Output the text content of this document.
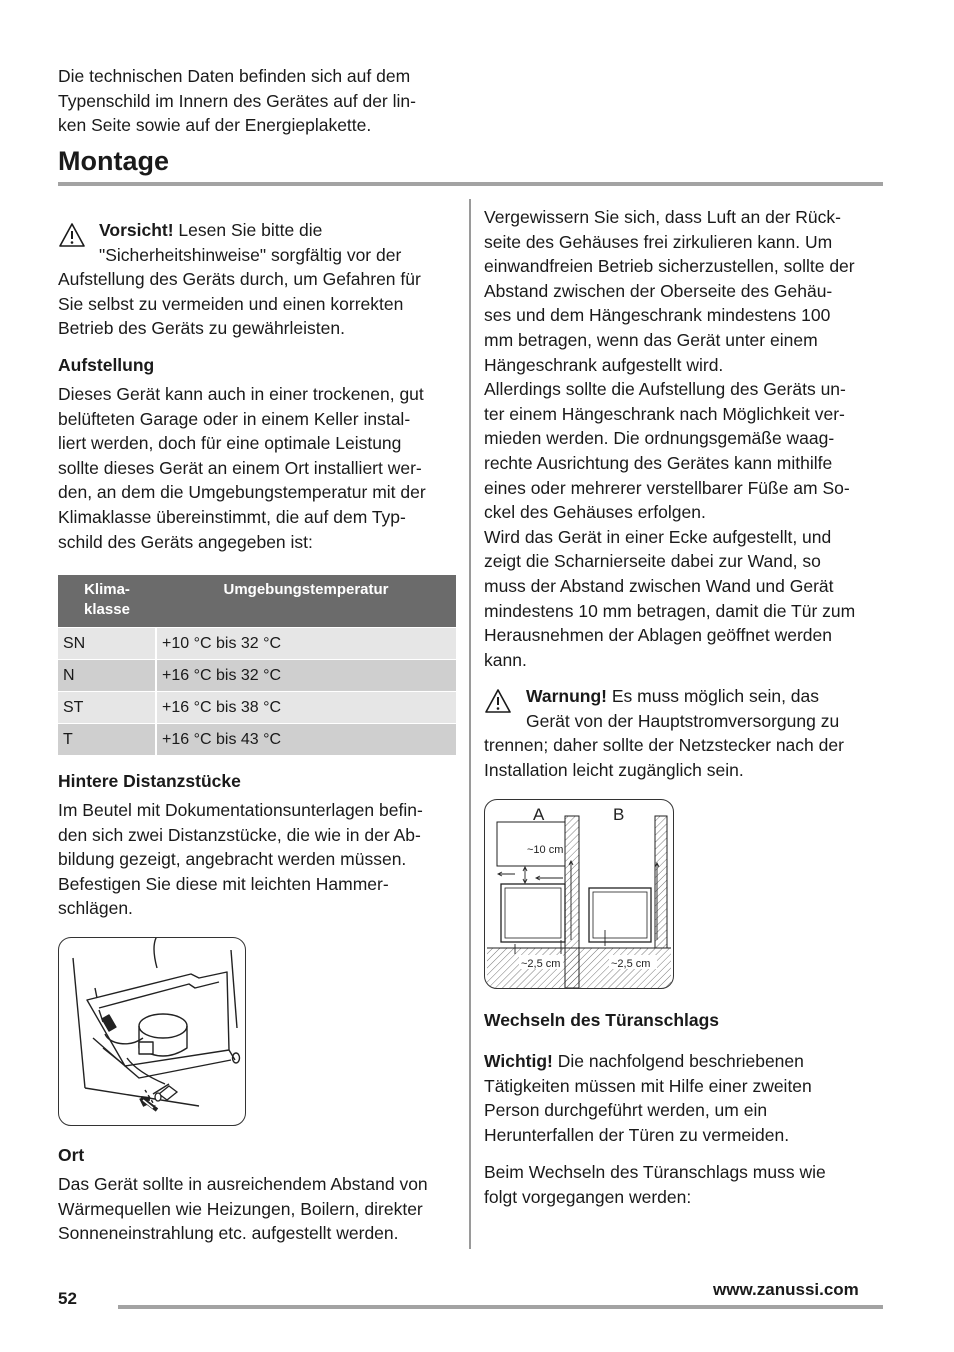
Die technischen Daten befinden sich auf dem
Typenschild im Innern des Gerätes auf der lin-
ken Seite sowie auf der Energieplakette.
Montage
Vorsicht! Lesen Sie bitte die
"Sicherheitshinweise" sorgfältig vor der
Aufstellung des Geräts durch, um Gefahren für
Sie selbst zu vermeiden und einen korrekten
Betrieb des Geräts zu gewährleisten.
Aufstellung
Dieses Gerät kann auch in einer trockenen, gut
belüfteten Garage oder in einem Keller instal-
liert werden, doch für eine optimale Leistung
sollte dieses Gerät an einem Ort installiert wer-
den, an dem die Umgebungstemperatur mit der
Klimaklasse übereinstimmt, die auf dem Typ-
schild des Geräts angegeben ist:
Klima-
klasse	Umgebungstemperatur

SN	+10 °C bis 32 °C
N	+16 °C bis 32 °C
ST	+16 °C bis 38 °C
T	+16 °C bis 43 °C
Hintere Distanzstücke
Im Beutel mit Dokumentationsunterlagen befin-
den sich zwei Distanzstücke, die wie in der Ab-
bildung gezeigt, angebracht werden müssen.
Befestigen Sie diese mit leichten Hammer-
schlägen.
Ort
Das Gerät sollte in ausreichendem Abstand von
Wärmequellen wie Heizungen, Boilern, direkter
Sonneneinstrahlung etc. aufgestellt werden.
Vergewissern Sie sich, dass Luft an der Rück-
seite des Gehäuses frei zirkulieren kann. Um
einwandfreien Betrieb sicherzustellen, sollte der
Abstand zwischen der Oberseite des Gehäu-
ses und dem Hängeschrank mindestens 100
mm betragen, wenn das Gerät unter einem
Hängeschrank aufgestellt wird.
Allerdings sollte die Aufstellung des Geräts un-
ter einem Hängeschrank nach Möglichkeit ver-
mieden werden. Die ordnungsgemäße waag-
rechte Ausrichtung des Gerätes kann mithilfe
eines oder mehrerer verstellbarer Füße am So-
ckel des Gehäuses erfolgen.
Wird das Gerät in einer Ecke aufgestellt, und
zeigt die Scharnierseite dabei zur Wand, so
muss der Abstand zwischen Wand und Gerät
mindestens 10 mm betragen, damit die Tür zum
Herausnehmen der Ablagen geöffnet werden
kann.
Warnung! Es muss möglich sein, das
Gerät von der Hauptstromversorgung zu
trennen; daher sollte der Netzstecker nach der
Installation leicht zugänglich sein.
A	B
~10 cm
~2,5 cm	~2,5 cm
Wechseln des Türanschlags
Wichtig! Die nachfolgend beschriebenen
Tätigkeiten müssen mit Hilfe einer zweiten
Person durchgeführt werden, um ein
Herunterfallen der Türen zu vermeiden.
Beim Wechseln des Türanschlags muss wie
folgt vorgegangen werden:
52	www.zanussi.com
